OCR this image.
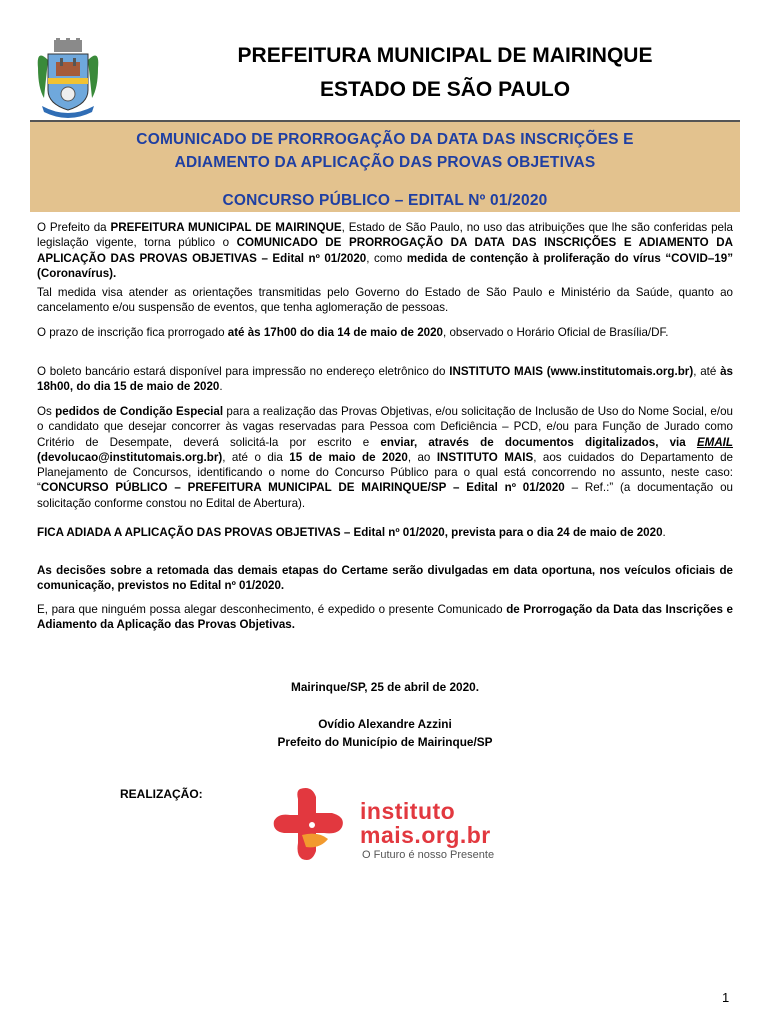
PREFEITURA MUNICIPAL DE MAIRINQUE
ESTADO DE SÃO PAULO
COMUNICADO DE PRORROGAÇÃO DA DATA DAS INSCRIÇÕES E
ADIAMENTO DA APLICAÇÃO DAS PROVAS OBJETIVAS
CONCURSO PÚBLICO – EDITAL Nº 01/2020

O Prefeito da PREFEITURA MUNICIPAL DE MAIRINQUE, Estado de São Paulo, no uso das atribuições que lhe são conferidas pela legislação vigente, torna público o COMUNICADO DE PRORROGAÇÃO DA DATA DAS INSCRIÇÕES E ADIAMENTO DA APLICAÇÃO DAS PROVAS OBJETIVAS – Edital nº 01/2020, como medida de contenção à proliferação do vírus “COVID–19” (Coronavírus).

Tal medida visa atender as orientações transmitidas pelo Governo do Estado de São Paulo e Ministério da Saúde, quanto ao cancelamento e/ou suspensão de eventos, que tenha aglomeração de pessoas.

O prazo de inscrição fica prorrogado até às 17h00 do dia 14 de maio de 2020, observado o Horário Oficial de Brasília/DF.

O boleto bancário estará disponível para impressão no endereço eletrônico do INSTITUTO MAIS (www.institutomais.org.br), até às 18h00, do dia 15 de maio de 2020.

Os pedidos de Condição Especial para a realização das Provas Objetivas, e/ou solicitação de Inclusão de Uso do Nome Social, e/ou o candidato que desejar concorrer às vagas reservadas para Pessoa com Deficiência – PCD, e/ou para Função de Jurado como Critério de Desempate, deverá solicitá-la por escrito e enviar, através de documentos digitalizados, via EMAIL (devolucao@institutomais.org.br), até o dia 15 de maio de 2020, ao INSTITUTO MAIS, aos cuidados do Departamento de Planejamento de Concursos, identificando o nome do Concurso Público para o qual está concorrendo no assunto, neste caso: “CONCURSO PÚBLICO – PREFEITURA MUNICIPAL DE MAIRINQUE/SP – Edital nº 01/2020 – Ref.:” (a documentação ou solicitação conforme constou no Edital de Abertura).

FICA ADIADA A APLICAÇÃO DAS PROVAS OBJETIVAS – Edital nº 01/2020, prevista para o dia 24 de maio de 2020.

As decisões sobre a retomada das demais etapas do Certame serão divulgadas em data oportuna, nos veículos oficiais de comunicação, previstos no Edital nº 01/2020.

E, para que ninguém possa alegar desconhecimento, é expedido o presente Comunicado de Prorrogação da Data das Inscrições e Adiamento da Aplicação das Provas Objetivas.

Mairinque/SP, 25 de abril de 2020.
Ovídio Alexandre Azzini
Prefeito do Município de Mairinque/SP
REALIZAÇÃO:
instituto
mais.org.br
O Futuro é nosso Presente
1
